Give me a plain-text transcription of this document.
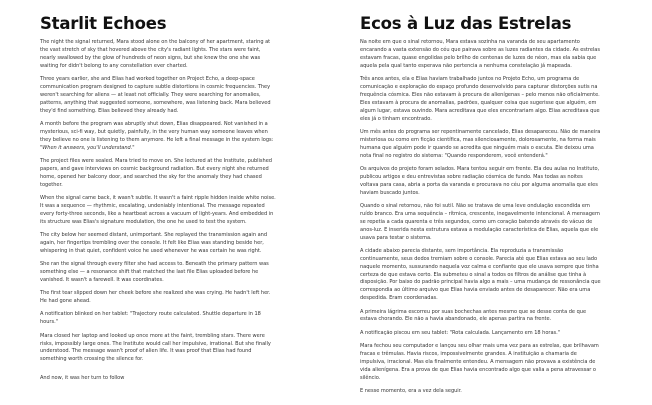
Starlit Echoes

The night the signal returned, Mara stood alone on the balcony of her apartment, staring at the vast stretch of sky that hovered above the city's radiant lights. The stars were faint, nearly swallowed by the glow of hundreds of neon signs, but she knew the one she was waiting for didn't belong to any constellation ever charted.

Three years earlier, she and Elias had worked together on Project Echo, a deep-space communication program designed to capture subtle distortions in cosmic frequencies. They weren't searching for aliens — at least not officially. They were searching for anomalies, patterns, anything that suggested someone, somewhere, was listening back. Mara believed they'd find something. Elias believed they already had.

A month before the program was abruptly shut down, Elias disappeared. Not vanished in a mysterious, sci-fi way, but quietly, painfully, in the very human way someone leaves when they believe no one is listening to them anymore. He left a final message in the system logs: "When it answers, you'll understand."

The project files were sealed. Mara tried to move on. She lectured at the Institute, published papers, and gave interviews on cosmic background radiation. But every night she returned home, opened her balcony door, and searched the sky for the anomaly they had chased together.

When the signal came back, it wasn't subtle. It wasn't a faint ripple hidden inside white noise. It was a sequence — rhythmic, escalating, undeniably intentional. The message repeated every forty-three seconds, like a heartbeat across a vacuum of light-years. And embedded in its structure was Elias's signature modulation, the one he used to test the system.

The city below her seemed distant, unimportant. She replayed the transmission again and again, her fingertips trembling over the console. It felt like Elias was standing beside her, whispering in that quiet, confident voice he used whenever he was certain he was right.

She ran the signal through every filter she had access to. Beneath the primary pattern was something else — a resonance shift that matched the last file Elias uploaded before he vanished. It wasn't a farewell. It was coordinates.

The first tear slipped down her cheek before she realized she was crying. He hadn't left her. He had gone ahead.

A notification blinked on her tablet: "Trajectory route calculated. Shuttle departure in 18 hours."

Mara closed her laptop and looked up once more at the faint, trembling stars. There were risks, impossibly large ones. The Institute would call her impulsive, irrational. But she finally understood. The message wasn't proof of alien life. It was proof that Elias had found something worth crossing the silence for.

And now, it was her turn to follow

Ecos à Luz das Estrelas

Na noite em que o sinal retornou, Mara estava sozinha na varanda de seu apartamento encarando a vasta extensão do céu que pairava sobre as luzes radiantes da cidade. As estrelas estavam fracas, quase engolidas pelo brilho de centenas de luzes de néon, mas ela sabia que aquela pela qual tanto esperava não pertencia a nenhuma constelação já mapeada.

Três anos antes, ela e Elias haviam trabalhado juntos no Projeto Echo, um programa de comunicação e exploração do espaço profundo desenvolvido para capturar distorções sutis na frequência cósmica. Eles não estavam à procura de alienígenas – pelo menos não oficialmente. Eles estavam à procura de anomalias, padrões, qualquer coisa que sugerisse que alguém, em algum lugar, estava ouvindo. Mara acreditava que eles encontrariam algo. Elias acreditava que eles já o tinham encontrado.

Um mês antes do programa ser repentinamente cancelado, Elias desapareceu. Não de maneira misteriosa ou como em ficção científica, mas silenciosamente, dolorosamente, na forma mais humana que alguém pode ir quando se acredita que ninguém mais o escuta. Ele deixou uma nota final no registro do sistema: "Quando responderem, você entenderá."

Os arquivos do projeto foram selados. Mara tentou seguir em frente. Ela deu aulas no Instituto, publicou artigos e deu entrevistas sobre radiação cósmica de fundo. Mas todas as noites voltava para casa, abria a porta da varanda e procurava no céu por alguma anomalia que eles haviam buscado juntos.

Quando o sinal retornou, não foi sutil. Não se tratava de uma leve ondulação escondida em ruído branco. Era uma sequência – rítmica, crescente, inegavelmente intencional. A mensagem se repetia a cada quarenta e três segundos, como um coração batendo através do vácuo de anos-luz. E inserida nesta estrutura estava a modulação característica de Elias, aquela que ele usava para testar o sistema.

A cidade abaixo parecia distante, sem importância. Ela reproduzia a transmissão continuamente, seus dedos tremiam sobre o console. Parecia até que Elias estava ao seu lado naquele momento, sussurando naquela voz calma e confiante que ele usava sempre que tinha certeza de que estava certo. Ela submeteu o sinal a todos os filtros de análise que tinha à disposição. Por baixo do padrão principal havia algo a mais – uma mudança de ressonância que correspondia ao último arquivo que Elias havia enviado antes de desaparecer. Não era uma despedida. Eram coordenadas.

A primeira lágrima escorreu por suas bochechas antes mesmo que se desse conta de que estava chorando. Ele não a havia abandonado, ele apenas partira na frente.

A notificação piscou em seu tablet: "Rota calculada. Lançamento em 18 horas."

Mara fechou seu computador e lançou seu olhar mais uma vez para as estrelas, que brilhavam fracas e trêmulas. Havia riscos, impossivelmente grandes. A instituição a chamaria de impulsiva, irracional. Mas ela finalmente entendeu. A mensagem não provava a existência de vida alienígena. Era a prova de que Elias havia encontrado algo que valia a pena atravessar o silêncio.

E nesse momento, era a vez dela seguir.
